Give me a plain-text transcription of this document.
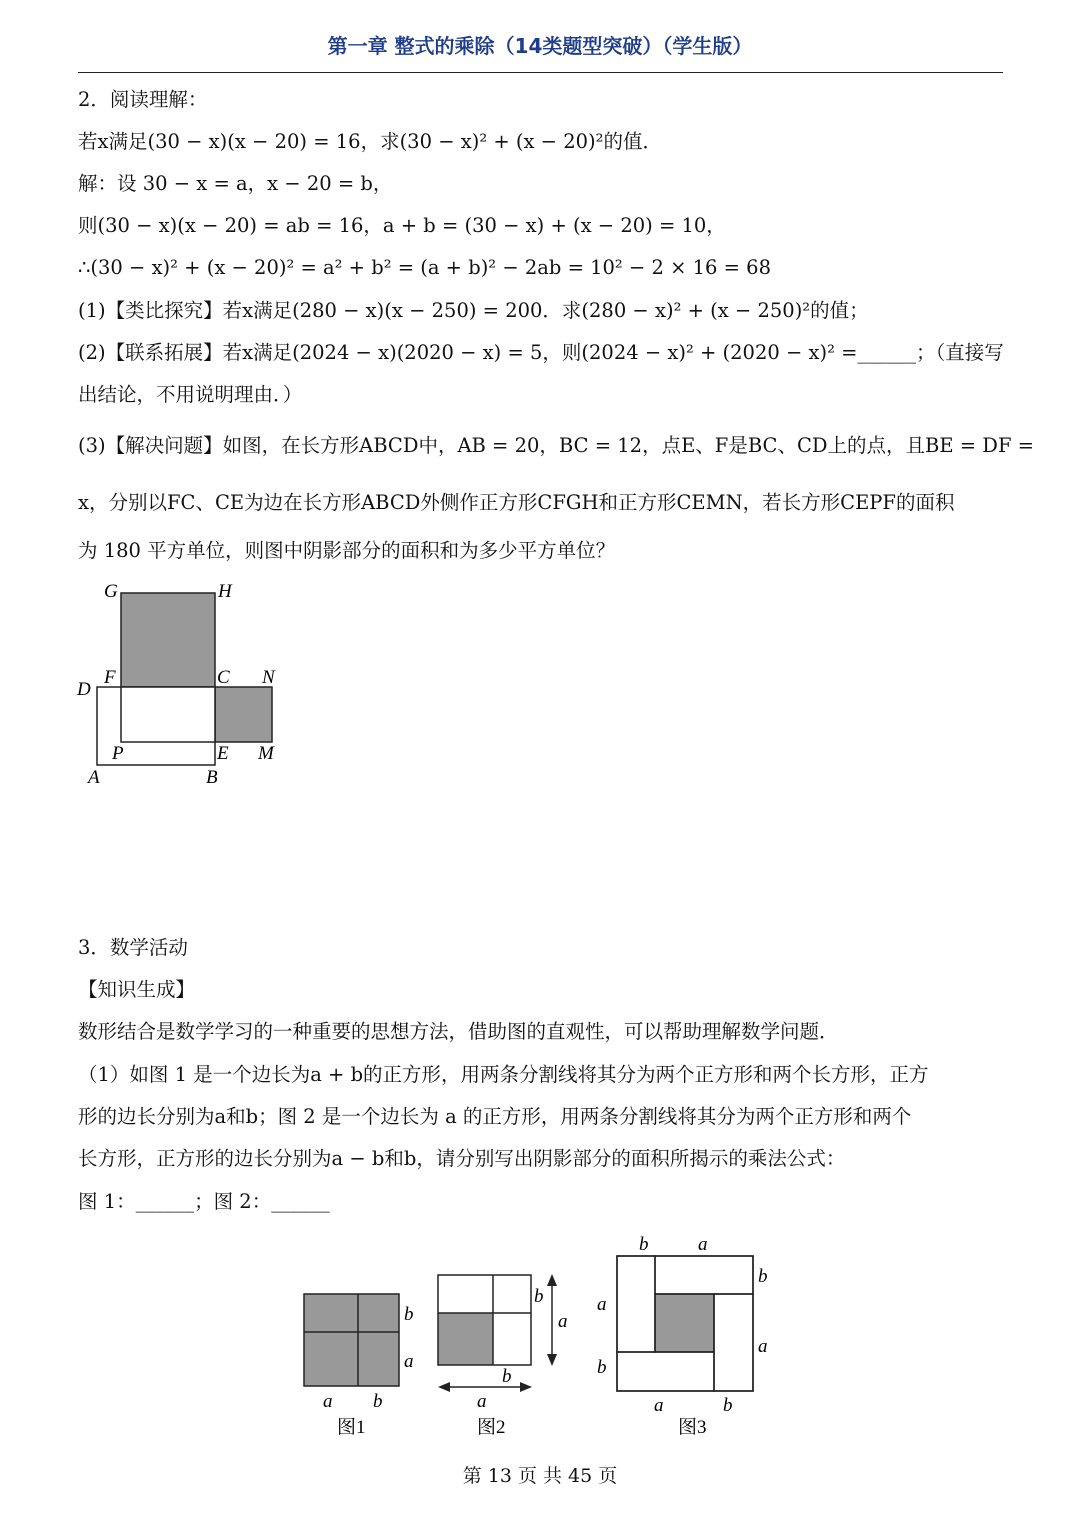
第一章 整式的乘除（14类题型突破）（学生版）
2．阅读理解：
若x满足(30 − x)(x − 20) = 16，求(30 − x)² + (x − 20)²的值．
解：设 30 − x = a，x − 20 = b，
则(30 − x)(x − 20) = ab = 16，a + b = (30 − x) + (x − 20) = 10，
∴(30 − x)² + (x − 20)² = a² + b² = (a + b)² − 2ab = 10² − 2 × 16 = 68
(1)【类比探究】若x满足(280 − x)(x − 250) = 200．求(280 − x)² + (x − 250)²的值；
(2)【联系拓展】若x满足(2024 − x)(2020 − x) = 5，则(2024 − x)² + (2020 − x)² =______；（直接写
出结论，不用说明理由．）
(3)【解决问题】如图，在长方形ABCD中，AB = 20，BC = 12，点E、F是BC、CD上的点，且BE = DF =
x，分别以FC、CE为边在长方形ABCD外侧作正方形CFGH和正方形CEMN，若长方形CEPF的面积
为 180 平方单位，则图中阴影部分的面积和为多少平方单位？
G	H
D
F	C N
P	E M
A	B
3．数学活动
【知识生成】
数形结合是数学学习的一种重要的思想方法，借助图的直观性，可以帮助理解数学问题．
（1）如图 1 是一个边长为a + b的正方形，用两条分割线将其分为两个正方形和两个长方形，正方
形的边长分别为a和b；图 2 是一个边长为 a 的正方形，用两条分割线将其分为两个正方形和两个
长方形，正方形的边长分别为a − b和b，请分别写出阴影部分的面积所揭示的乘法公式：
图 1：______；图 2：______
b
a
a b
图1
b
a
b
a
图2
b	a
b
a
a
b
a	b
图3
第 13 页 共 45 页
